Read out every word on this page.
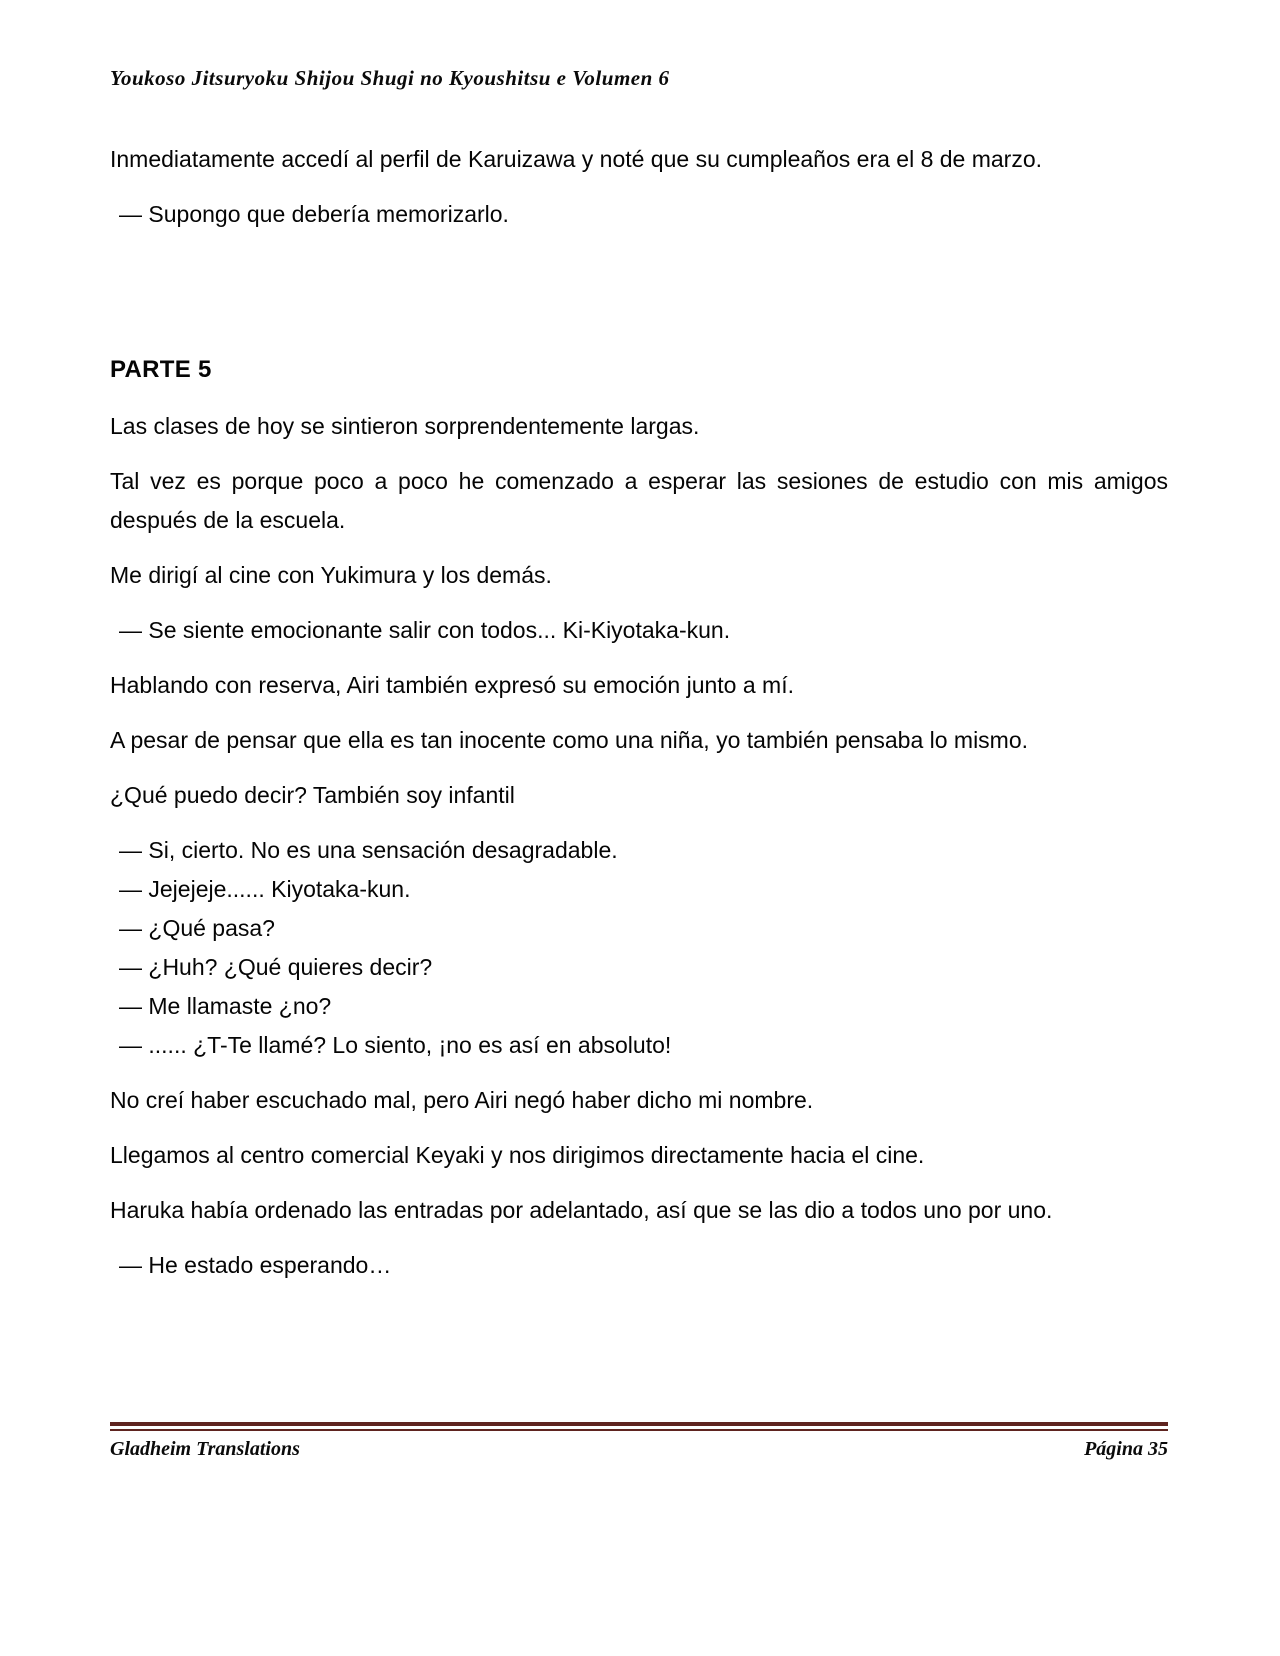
Youkoso Jitsuryoku Shijou Shugi no Kyoushitsu e Volumen 6

Inmediatamente accedí al perfil de Karuizawa y noté que su cumpleaños era el 8 de marzo.

— Supongo que debería memorizarlo.

PARTE 5

Las clases de hoy se sintieron sorprendentemente largas.

Tal vez es porque poco a poco he comenzado a esperar las sesiones de estudio con mis amigos después de la escuela.

Me dirigí al cine con Yukimura y los demás.

— Se siente emocionante salir con todos... Ki-Kiyotaka-kun.

Hablando con reserva, Airi también expresó su emoción junto a mí.

A pesar de pensar que ella es tan inocente como una niña, yo también pensaba lo mismo.

¿Qué puedo decir? También soy infantil

— Si, cierto. No es una sensación desagradable.

— Jejejeje...... Kiyotaka-kun.

— ¿Qué pasa?

— ¿Huh? ¿Qué quieres decir?

— Me llamaste ¿no?

— ...... ¿T-Te llamé? Lo siento, ¡no es así en absoluto!

No creí haber escuchado mal, pero Airi negó haber dicho mi nombre.

Llegamos al centro comercial Keyaki y nos dirigimos directamente hacia el cine.

Haruka había ordenado las entradas por adelantado, así que se las dio a todos uno por uno.

— He estado esperando…

Gladheim Translations	Página 35
